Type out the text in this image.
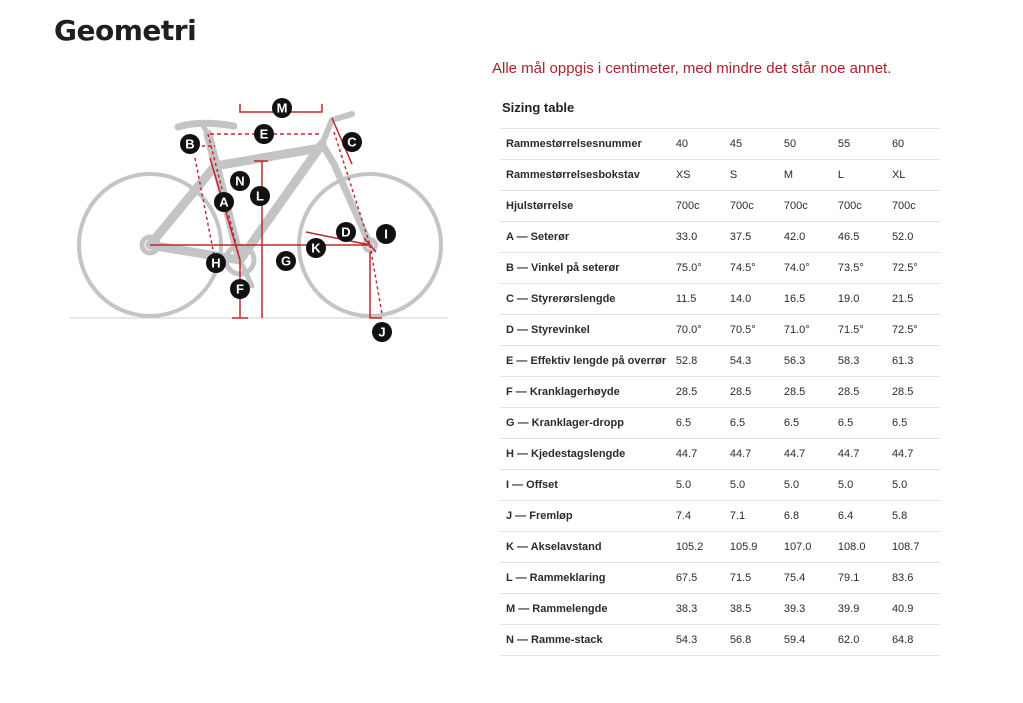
Geometri
A
B	C
D
E
F
G
H
I
J
K
L
M
N
Alle mål oppgis i centimeter, med mindre det står noe annet.
Sizing table
Rammestørrelsesnummer	40	45	50	55	60
Rammestørrelsesbokstav	XS	S	M	L	XL
Hjulstørrelse	700c	700c	700c	700c	700c
A — Seterør	33.0	37.5	42.0	46.5	52.0
B — Vinkel på seterør	75.0°	74.5°	74.0°	73.5°	72.5°
C — Styrerørslengde	11.5	14.0	16.5	19.0	21.5
D — Styrevinkel	70.0°	70.5°	71.0°	71.5°	72.5°
E — Effektiv lengde på overrør	52.8	54.3	56.3	58.3	61.3
F — Kranklagerhøyde	28.5	28.5	28.5	28.5	28.5
G — Kranklager-dropp	6.5	6.5	6.5	6.5	6.5
H — Kjedestagslengde	44.7	44.7	44.7	44.7	44.7
I — Offset	5.0	5.0	5.0	5.0	5.0
J — Fremløp	7.4	7.1	6.8	6.4	5.8
K — Akselavstand	105.2	105.9	107.0	108.0	108.7
L — Rammeklaring	67.5	71.5	75.4	79.1	83.6
M — Rammelengde	38.3	38.5	39.3	39.9	40.9
N — Ramme-stack	54.3	56.8	59.4	62.0	64.8
